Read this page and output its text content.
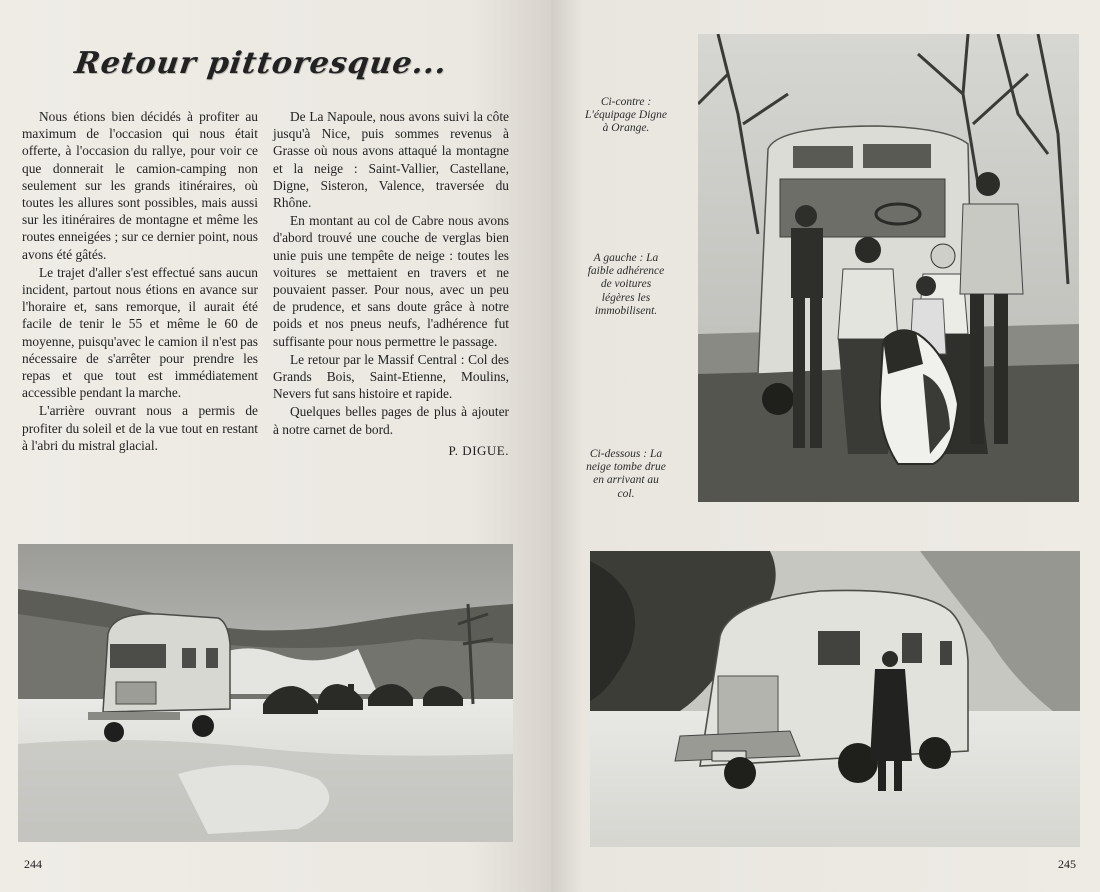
Retour pittoresque...

Nous étions bien décidés à profiter au maximum de l'occasion qui nous était offerte, à l'occasion du rallye, pour voir ce que donnerait le camion-camping non seulement sur les grands itinéraires, où toutes les allures sont possibles, mais aussi sur les itinéraires de montagne et même les routes enneigées ; sur ce dernier point, nous avons été gâtés.

Le trajet d'aller s'est effectué sans aucun incident, partout nous étions en avance sur l'horaire et, sans remorque, il aurait été facile de tenir le 55 et même le 60 de moyenne, puisqu'avec le camion il n'est pas nécessaire de s'arrêter pour prendre les repas et que tout est immédiatement accessible pendant la marche.

L'arrière ouvrant nous a permis de profiter du soleil et de la vue tout en restant à l'abri du mistral glacial.

De La Napoule, nous avons suivi la côte jusqu'à Nice, puis sommes revenus à Grasse où nous avons attaqué la montagne et la neige : Saint-Vallier, Castellane, Digne, Sisteron, Valence, traversée du Rhône.

En montant au col de Cabre nous avons d'abord trouvé une couche de verglas bien unie puis une tempête de neige : toutes les voitures se mettaient en travers et ne pouvaient passer. Pour nous, avec un peu de prudence, et sans doute grâce à notre poids et nos pneus neufs, l'adhérence fut suffisante pour nous permettre le passage.

Le retour par le Massif Central : Col des Grands Bois, Saint-Etienne, Moulins, Nevers fut sans histoire et rapide.

Quelques belles pages de plus à ajouter à notre carnet de bord.

P. DIGUE.
244	245
Ci-contre : L'équipage Digne à Orange.
A gauche : La faible adhérence de voitures légères les immobilisent.
Ci-dessous : La neige tombe drue en arrivant au col.
